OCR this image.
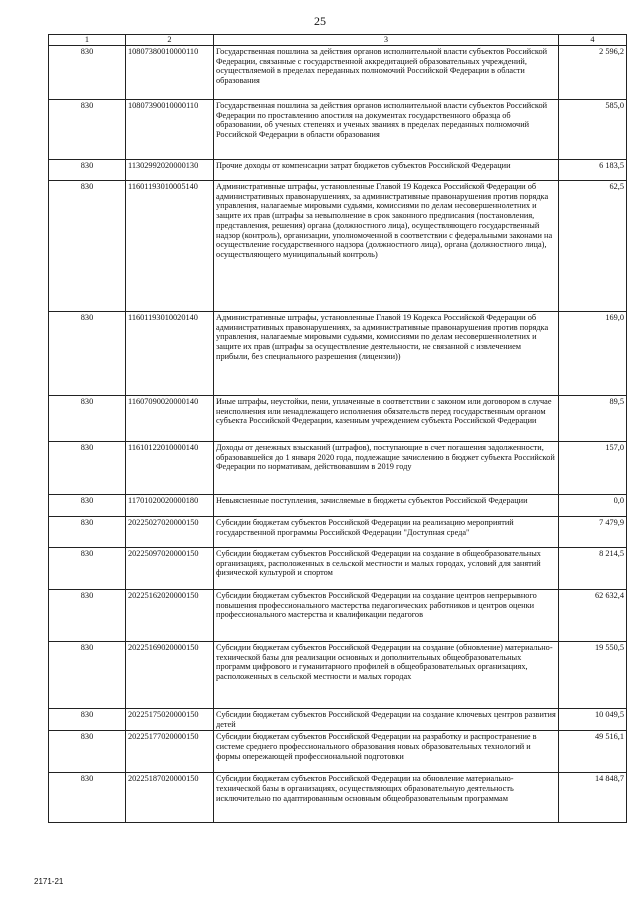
25
1	2	3	4
830	10807380010000110	Государственная пошлина за действия органов исполнительной власти субъектов Российской Федерации, связанные с государственной аккредитацией образовательных учреждений, осуществляемой в пределах переданных полномочий Российской Федерации в области образования	2 596,2
830	10807390010000110	Государственная пошлина за действия органов исполнительной власти субъектов Российской Федерации по проставлению апостиля на документах государственного образца об образовании, об ученых степенях и ученых званиях в пределах переданных полномочий Российской Федерации в области образования	585,0
830	11302992020000130	Прочие доходы от компенсации затрат бюджетов субъектов Российской Федерации	6 183,5
830	11601193010005140	Административные штрафы, установленные Главой 19 Кодекса Российской Федерации об административных правонарушениях, за административные правонарушения против порядка управления, налагаемые мировыми судьями, комиссиями по делам несовершеннолетних и защите их прав (штрафы за невыполнение в срок законного предписания (постановления, представления, решения) органа (должностного лица), осуществляющего государственный надзор (контроль), организации, уполномоченной в соответствии с федеральными законами на осуществление государственного надзора (должностного лица), органа (должностного лица), осуществляющего муниципальный контроль)	62,5
830	11601193010020140	Административные штрафы, установленные Главой 19 Кодекса Российской Федерации об административных правонарушениях, за административные правонарушения против порядка управления, налагаемые мировыми судьями, комиссиями по делам несовершеннолетних и защите их прав (штрафы за осуществление деятельности, не связанной с извлечением прибыли, без специального разрешения (лицензии))	169,0
830	11607090020000140	Иные штрафы, неустойки, пени, уплаченные в соответствии с законом или договором в случае неисполнения или ненадлежащего исполнения обязательств перед государственным органом субъекта Российской Федерации, казенным учреждением субъекта Российской Федерации	89,5
830	11610122010000140	Доходы от денежных взысканий (штрафов), поступающие в счет погашения задолженности, образовавшейся до 1 января 2020 года, подлежащие зачислению в бюджет субъекта Российской Федерации по нормативам, действовавшим в 2019 году	157,0
830	11701020020000180	Невыясненные поступления, зачисляемые в бюджеты субъектов Российской Федерации	0,0
830	20225027020000150	Субсидии бюджетам субъектов Российской Федерации на реализацию мероприятий государственной программы Российской Федерации "Доступная среда"	7 479,9
830	20225097020000150	Субсидии бюджетам субъектов Российской Федерации на создание в общеобразовательных организациях, расположенных в сельской местности и малых городах, условий для занятий физической культурой и спортом	8 214,5
830	20225162020000150	Субсидии бюджетам субъектов Российской Федерации на создание центров непрерывного повышения профессионального мастерства педагогических работников и центров оценки профессионального мастерства и квалификации педагогов	62 632,4
830	20225169020000150	Субсидии бюджетам субъектов Российской Федерации на создание (обновление) материально-технической базы для реализации основных и дополнительных общеобразовательных программ цифрового и гуманитарного профилей в общеобразовательных организациях, расположенных в сельской местности и малых городах	19 550,5
830	20225175020000150	Субсидии бюджетам субъектов Российской Федерации на создание ключевых центров развития детей	10 049,5
830	20225177020000150	Субсидии бюджетам субъектов Российской Федерации на разработку и распространение в системе среднего профессионального образования новых образовательных технологий и формы опережающей профессиональной подготовки	49 516,1
830	20225187020000150	Субсидии бюджетам субъектов Российской Федерации на обновление материально-технической базы в организациях, осуществляющих образовательную деятельность исключительно по адаптированным основным общеобразовательным программам	14 848,7
2171-21
